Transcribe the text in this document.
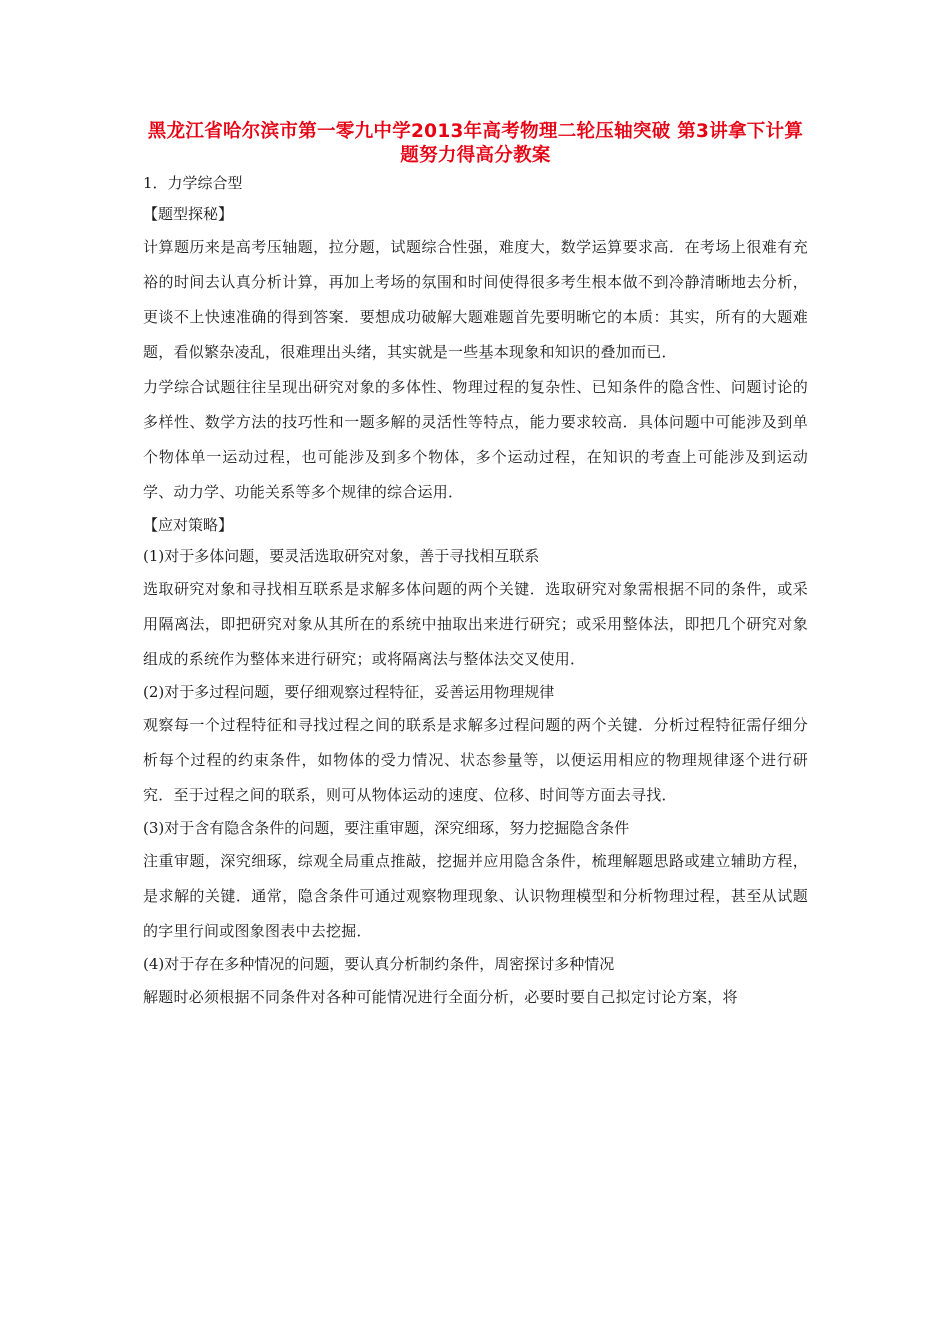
黑龙江省哈尔滨市第一零九中学2013年高考物理二轮压轴突破 第3讲拿下计算题努力得高分教案

1．力学综合型

【题型探秘】

计算题历来是高考压轴题，拉分题，试题综合性强，难度大，数学运算要求高．在考场上很难有充裕的时间去认真分析计算，再加上考场的氛围和时间使得很多考生根本做不到冷静清晰地去分析，更谈不上快速准确的得到答案．要想成功破解大题难题首先要明晰它的本质：其实，所有的大题难题，看似繁杂凌乱，很难理出头绪，其实就是一些基本现象和知识的叠加而已．

力学综合试题往往呈现出研究对象的多体性、物理过程的复杂性、已知条件的隐含性、问题讨论的多样性、数学方法的技巧性和一题多解的灵活性等特点，能力要求较高．具体问题中可能涉及到单个物体单一运动过程，也可能涉及到多个物体，多个运动过程，在知识的考查上可能涉及到运动学、动力学、功能关系等多个规律的综合运用．

【应对策略】

(1)对于多体问题，要灵活选取研究对象，善于寻找相互联系

选取研究对象和寻找相互联系是求解多体问题的两个关键．选取研究对象需根据不同的条件，或采用隔离法，即把研究对象从其所在的系统中抽取出来进行研究；或采用整体法，即把几个研究对象组成的系统作为整体来进行研究；或将隔离法与整体法交叉使用．

(2)对于多过程问题，要仔细观察过程特征，妥善运用物理规律

观察每一个过程特征和寻找过程之间的联系是求解多过程问题的两个关键．分析过程特征需仔细分析每个过程的约束条件，如物体的受力情况、状态参量等，以便运用相应的物理规律逐个进行研究．至于过程之间的联系，则可从物体运动的速度、位移、时间等方面去寻找．

(3)对于含有隐含条件的问题，要注重审题，深究细琢，努力挖掘隐含条件

注重审题，深究细琢，综观全局重点推敲，挖掘并应用隐含条件，梳理解题思路或建立辅助方程，是求解的关键．通常，隐含条件可通过观察物理现象、认识物理模型和分析物理过程，甚至从试题的字里行间或图象图表中去挖掘．

(4)对于存在多种情况的问题，要认真分析制约条件，周密探讨多种情况

解题时必须根据不同条件对各种可能情况进行全面分析，必要时要自己拟定讨论方案，将
